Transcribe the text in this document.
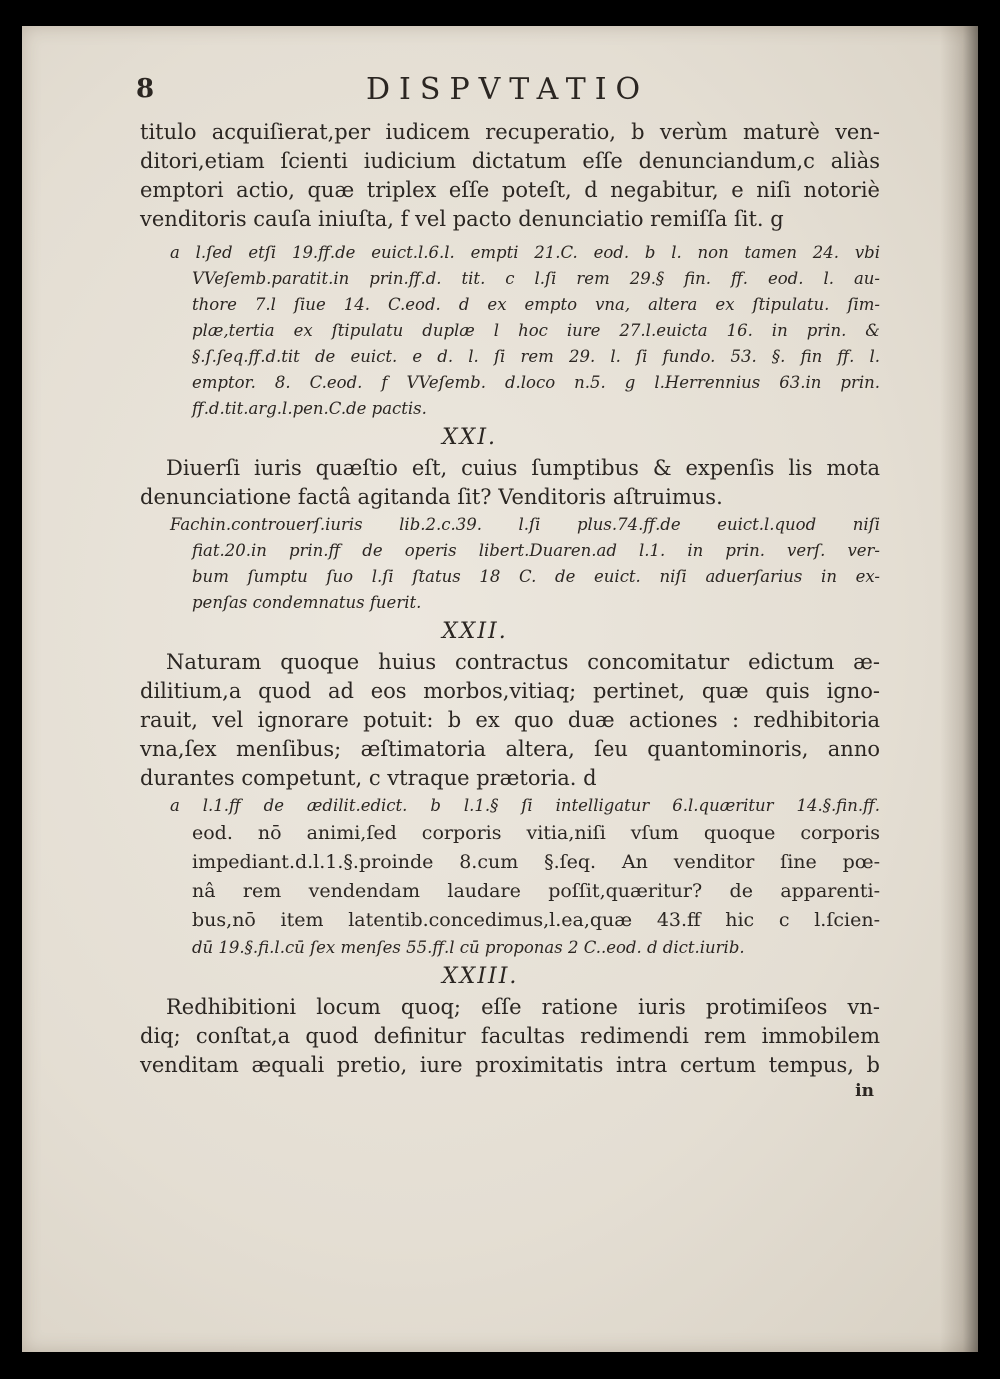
8	DISPVTATIO
titulo acquiſierat,per iudicem recuperatio, b verùm maturè ven-
ditori,etiam ſcienti iudicium dictatum eſſe denunciandum,c aliàs
emptori actio, quæ triplex eſſe poteſt, d negabitur, e niſi notoriè
venditoris cauſa iniuſta, f vel pacto denunciatio remiſſa ſit. g
a l.ſed etſi 19.ff.de euict.l.6.l. empti 21.C. eod. b l. non tamen 24. vbi
VVeſemb.paratit.in prin.ff.d. tit. c l.ſi rem 29.§ fin. ff. eod. l. au-
thore 7.l ſiue 14. C.eod. d ex empto vna, altera ex ſtipulatu. ſim-
plæ,tertia ex ſtipulatu duplæ l hoc iure 27.l.euicta 16. in prin. &
§.ſ.ſeq.ff.d.tit de euict. e d. l. ſi rem 29. l. ſi fundo. 53. §. fin ff. l.
emptor. 8. C.eod. f VVeſemb. d.loco n.5. g l.Herrennius 63.in prin.
ff.d.tit.arg.l.pen.C.de pactis.
XXI.
Diuerſi iuris quæſtio eſt, cuius ſumptibus & expenſis lis mota
denunciatione factâ agitanda ſit? Venditoris aſtruimus.
Fachin.controuerſ.iuris lib.2.c.39. l.ſi plus.74.ff.de euict.l.quod niſi
fiat.20.in prin.ff de operis libert.Duaren.ad l.1. in prin. verſ. ver-
bum ſumptu ſuo l.ſi ſtatus 18 C. de euict. niſi aduerſarius in ex-
penſas condemnatus fuerit.
XXII.
Naturam quoque huius contractus concomitatur edictum æ-
dilitium,a quod ad eos morbos,vitiaq; pertinet, quæ quis igno-
rauit, vel ignorare potuit: b ex quo duæ actiones : redhibitoria
vna,ſex menſibus; æſtimatoria altera, ſeu quantominoris, anno
durantes competunt, c vtraque prætoria. d
a l.1.ff de ædilit.edict. b l.1.§ ſi intelligatur 6.l.quæritur 14.§.fin.ff.
eod. nō animi,ſed corporis vitia,niſi vſum quoque corporis
impediant.d.l.1.§.proinde 8.cum §.ſeq. An venditor ſine pœ-
nâ rem vendendam laudare poſſit,quæritur? de apparenti-
bus,nō item latentib.concedimus,l.ea,quæ 43.ff hic c l.ſcien-
dū 19.§.fi.l.cū ſex menſes 55.ff.l cū proponas 2 C..eod. d dict.iurib.
XXIII.
Redhibitioni locum quoq; eſſe ratione iuris protimiſeos vn-
diq; conſtat,a quod definitur facultas redimendi rem immobilem
venditam æquali pretio, iure proximitatis intra certum tempus, b
in
